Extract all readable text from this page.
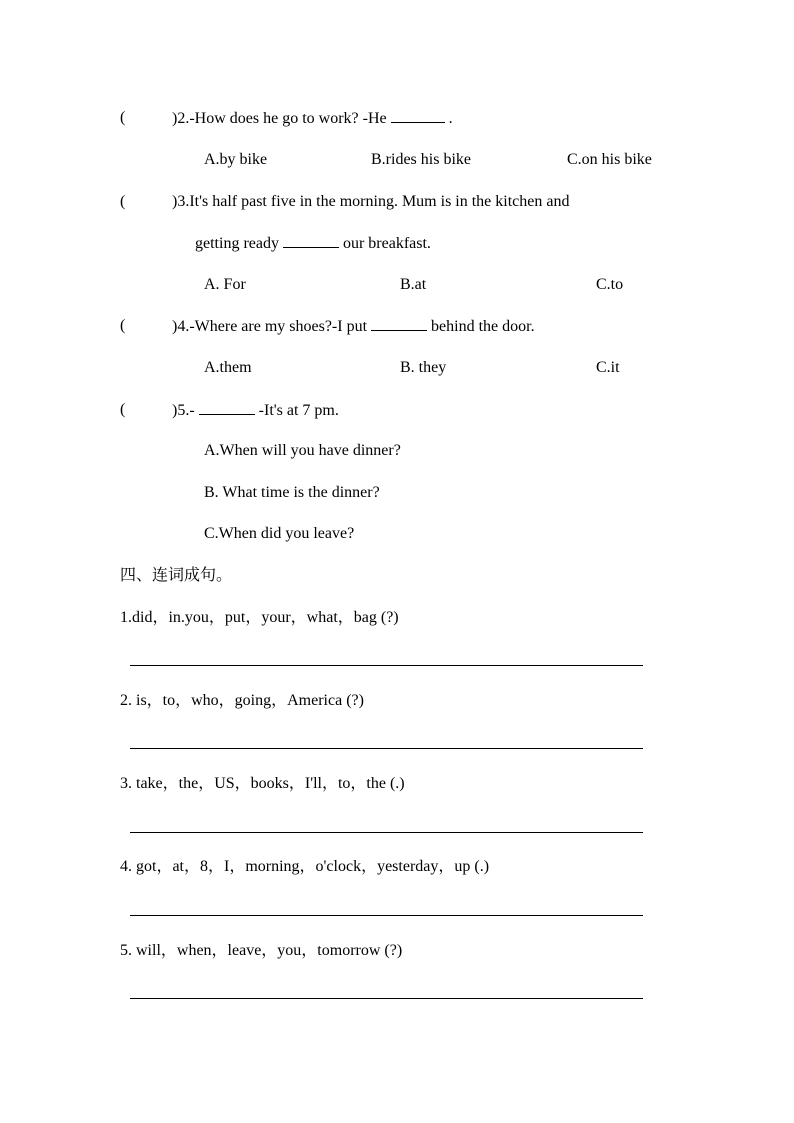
(	)2.-How does he go to work? -He	.
A.by bike	B.rides his bike	C.on his bike
(	)3.It's half past five in the morning. Mum is in the kitchen and
getting ready	our breakfast.
A. For	B.at	C.to
(	)4.-Where are my shoes?-I put	behind the door.
A.them	B. they	C.it
(	)5.-	-It's at 7 pm.
A.When will you have dinner?
B. What time is the dinner?
C.When did you leave?
四、连词成句。
1.did，in.you，put，your，what，bag (?)
2. is，to，who，going，America (?)
3. take，the，US，books，I'll，to，the (.)
4. got，at，8，I，morning，o'clock，yesterday，up (.)
5. will，when，leave，you，tomorrow (?)
